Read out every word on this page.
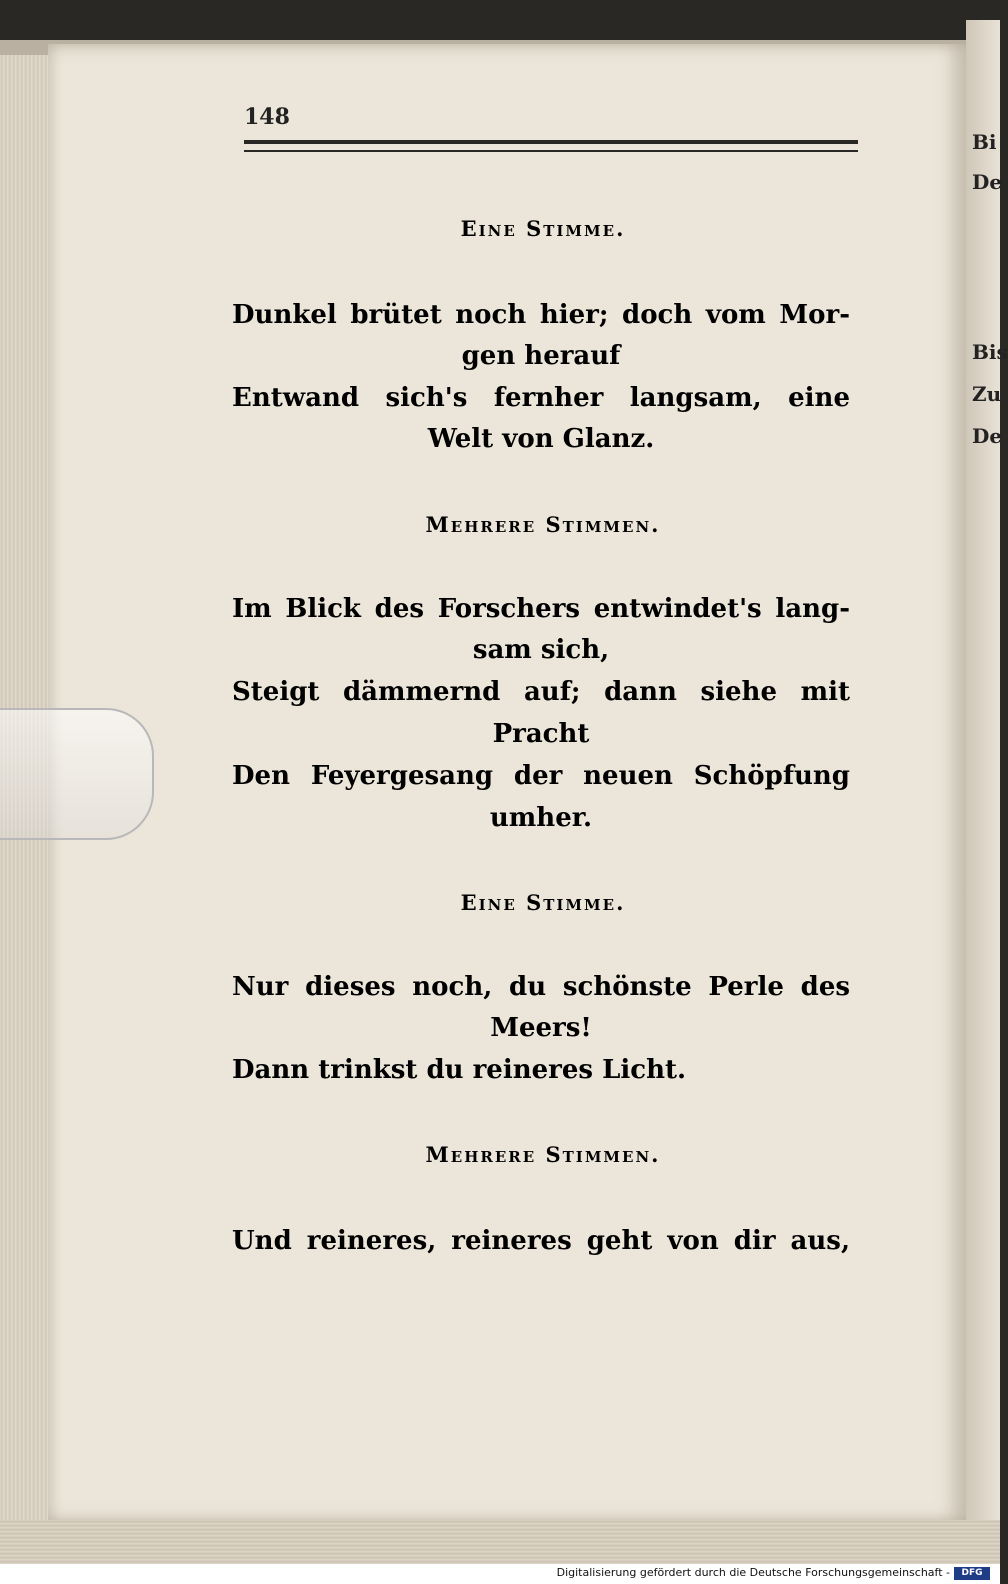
Bi
De
Bis
Zu
De
148
Eine Stimme.
Dunkel brütet noch hier; doch vom Mor-
gen herauf
Entwand sich's fernher langsam, eine
Welt von Glanz.
Mehrere Stimmen.
Im Blick des Forschers entwindet's lang-
sam sich,
Steigt dämmernd auf; dann siehe mit
Pracht
Den Feyergesang der neuen Schöpfung
umher.
Eine Stimme.
Nur dieses noch, du schönste Perle des
Meers!
Dann trinkst du reineres Licht.
Mehrere Stimmen.
Und reineres, reineres geht von dir aus,
Digitalisierung gefördert durch die Deutsche Forschungsgemeinschaft -	DFG
